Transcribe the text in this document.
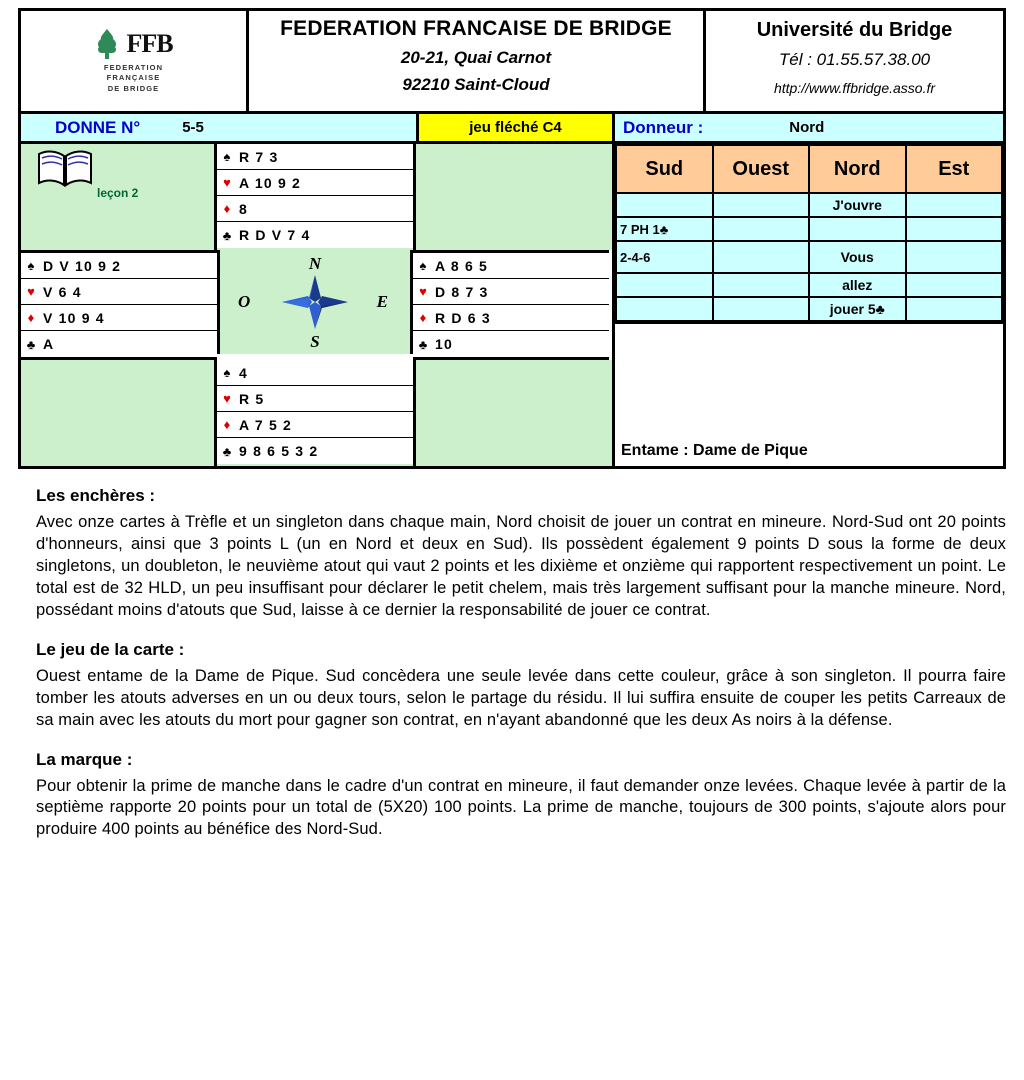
FFB
FEDERATION
FRANÇAISE
DE BRIDGE
FEDERATION FRANCAISE DE BRIDGE
20-21, Quai Carnot
92210 Saint-Cloud
Université du Bridge
Tél : 01.55.57.38.00
http://www.ffbridge.asso.fr
DONNE N°	5-5	jeu fléché C4	Donneur :	Nord
leçon 2
♠ R 7 3
♥ A 10 9 2
♦ 8
♣ R D V 7 4
♠ D V 10 9 2
♥ V 6 4
♦ V 10 9 4
♣ A
N
S
O	E
♠ A 8 6 5
♥ D 8 7 3
♦ R D 6 3
♣ 10
♠ 4
♥ R 5
♦ A 7 5 2
♣ 9 8 6 5 3 2
Sud	Ouest	Nord	Est
		J'ouvre	
7 PH 1♣			
2-4-6		Vous	
		allez	
		jouer 5♣	
Entame : Dame de Pique
Les enchères :

Avec onze cartes à Trèfle et un singleton dans chaque main, Nord choisit de jouer un contrat en mineure. Nord-Sud ont 20 points d'honneurs, ainsi que 3 points L (un en Nord et deux en Sud). Ils possèdent également 9 points D sous la forme de deux singletons, un doubleton, le neuvième atout qui vaut 2 points et les dixième et onzième qui rapportent respectivement un point. Le total est de 32 HLD, un peu insuffisant pour déclarer le petit chelem, mais très largement suffisant pour la manche mineure. Nord, possédant moins d'atouts que Sud, laisse à ce dernier la responsabilité de jouer ce contrat.

Le jeu de la carte :

Ouest entame de la Dame de Pique. Sud concèdera une seule levée dans cette couleur, grâce à son singleton. Il pourra faire tomber les atouts adverses en un ou deux tours, selon le partage du résidu. Il lui suffira ensuite de couper les petits Carreaux de sa main avec les atouts du mort pour gagner son contrat, en n'ayant abandonné que les deux As noirs à la défense.

La marque :

Pour obtenir la prime de manche dans le cadre d'un contrat en mineure, il faut demander onze levées. Chaque levée à partir de la septième rapporte 20 points pour un total de (5X20) 100 points. La prime de manche, toujours de 300 points, s'ajoute alors pour produire 400 points au bénéfice des Nord-Sud.
